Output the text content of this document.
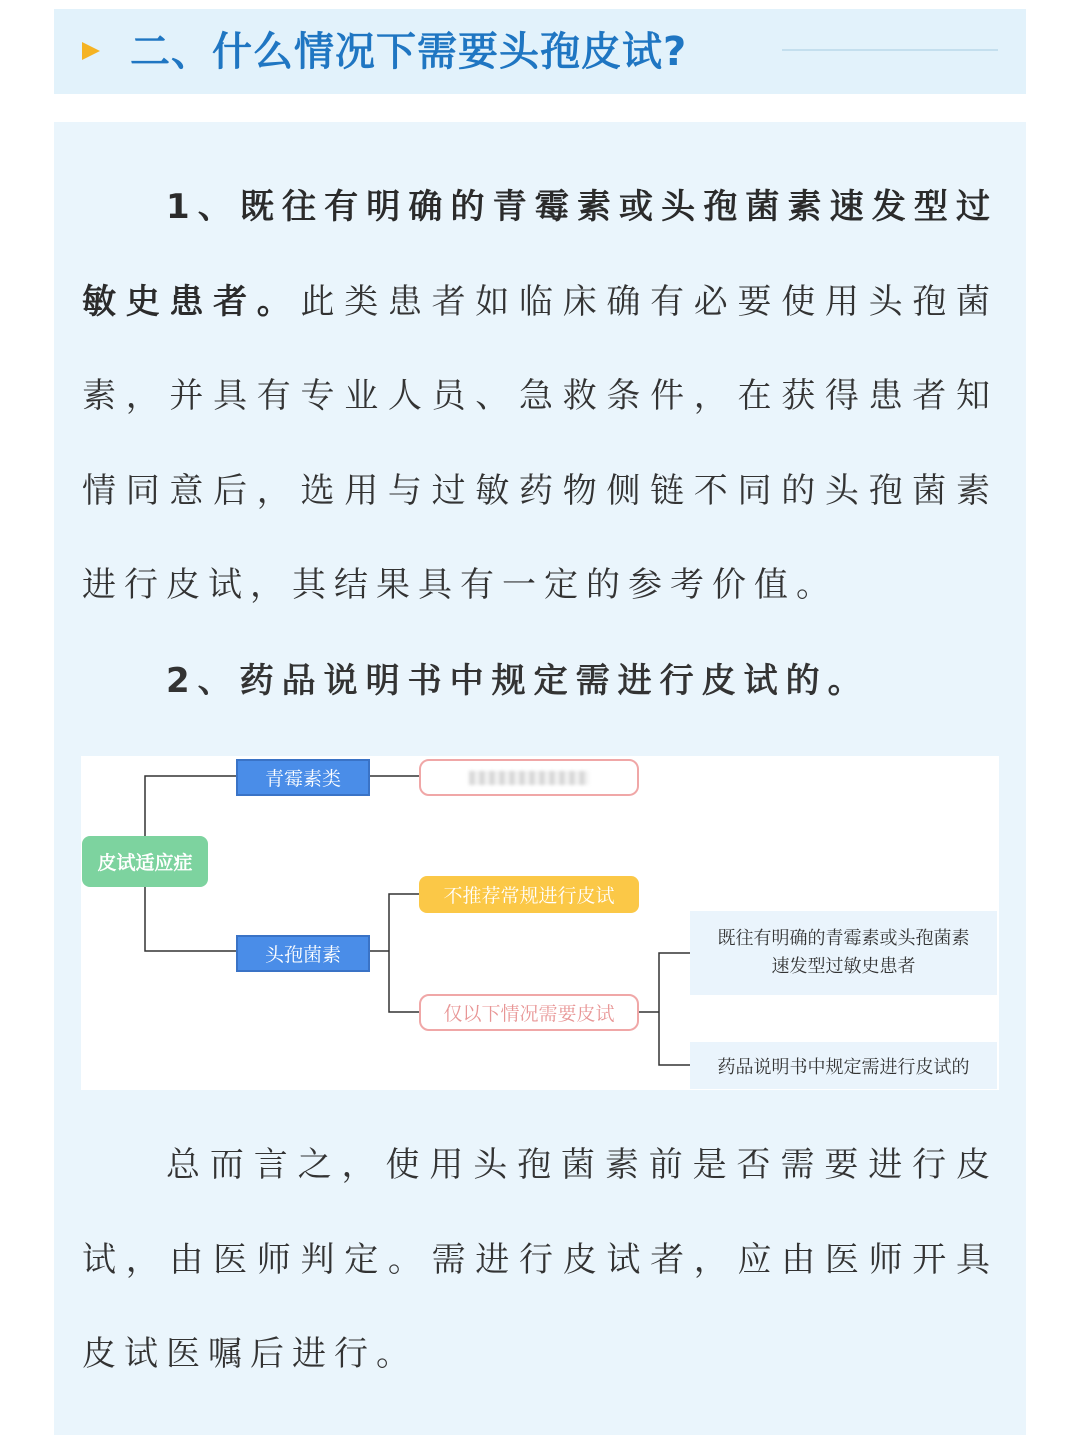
二、什么情况下需要头孢皮试?

1、既往有明确的青霉素或头孢菌素速发型过敏史患者。此类患者如临床确有必要使用头孢菌素，并具有专业人员、急救条件，在获得患者知情同意后，选用与过敏药物侧链不同的头孢菌素进行皮试，其结果具有一定的参考价值。

2、药品说明书中规定需进行皮试的。

皮试适应症
青霉素类
头孢菌素
不推荐常规进行皮试
仅以下情况需要皮试
既往有明确的青霉素或头孢菌素
速发型过敏史患者
药品说明书中规定需进行皮试的

总而言之，使用头孢菌素前是否需要进行皮试，由医师判定。需进行皮试者，应由医师开具皮试医嘱后进行。
